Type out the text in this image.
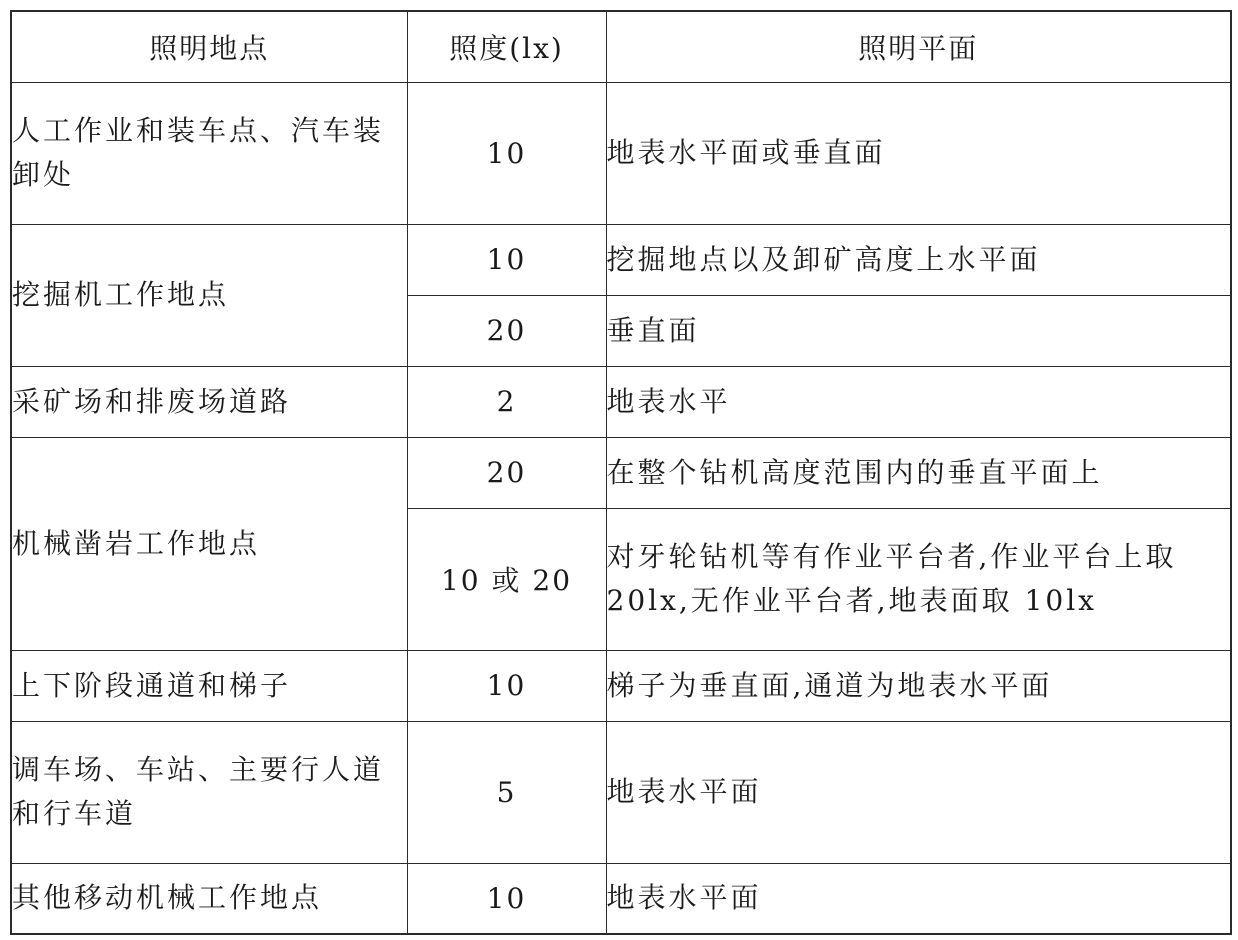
照明地点	照度(lx)	照明平面
人工作业和装车点、汽车装卸处	10	地表水平面或垂直面
挖掘机工作地点	10	挖掘地点以及卸矿高度上水平面
	20	垂直面
采矿场和排废场道路	2	地表水平
机械凿岩工作地点	20	在整个钻机高度范围内的垂直平面上
	10 或 20	对牙轮钻机等有作业平台者,作业平台上取 20lx,无作业平台者,地表面取 10lx
上下阶段通道和梯子	10	梯子为垂直面,通道为地表水平面
调车场、车站、主要行人道和行车道	5	地表水平面
其他移动机械工作地点	10	地表水平面
